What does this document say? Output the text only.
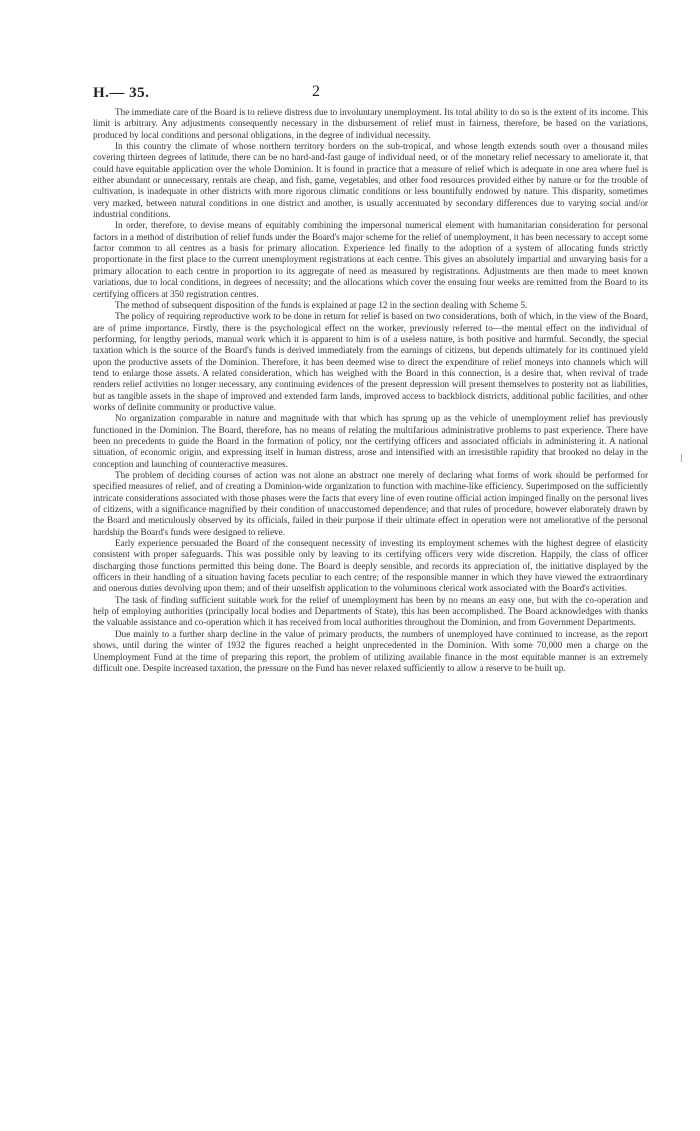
H.— 35.	2

The immediate care of the Board is to relieve distress due to involuntary unemployment. Its total ability to do so is the extent of its income. This limit is arbitrary. Any adjustments consequently necessary in the disbursement of relief must in fairness, therefore, be based on the variations, produced by local conditions and personal obligations, in the degree of individual necessity.

In this country the climate of whose northern territory borders on the sub-tropical, and whose length extends south over a thousand miles covering thirteen degrees of latitude, there can be no hard-and-fast gauge of individual need, or of the monetary relief necessary to ameliorate it, that could have equitable application over the whole Dominion. It is found in practice that a measure of relief which is adequate in one area where fuel is either abundant or unnecessary, rentals are cheap, and fish, game, vegetables, and other food resources provided either by nature or for the trouble of cultivation, is inadequate in other districts with more rigorous climatic conditions or less bountifully endowed by nature. This disparity, sometimes very marked, between natural conditions in one district and another, is usually accentuated by secondary differences due to varying social and/or industrial conditions.

In order, therefore, to devise means of equitably combining the impersonal numerical element with humanitarian consideration for personal factors in a method of distribution of relief funds under the Board's major scheme for the relief of unemployment, it has been necessary to accept some factor common to all centres as a basis for primary allocation. Experience led finally to the adoption of a system of allocating funds strictly proportionate in the first place to the current unemployment registrations at each centre. This gives an absolutely impartial and unvarying basis for a primary allocation to each centre in proportion to its aggregate of need as measured by registrations. Adjustments are then made to meet known variations, due to local conditions, in degrees of necessity; and the allocations which cover the ensuing four weeks are remitted from the Board to its certifying officers at 350 registration centres.

The method of subsequent disposition of the funds is explained at page 12 in the section dealing with Scheme 5.

The policy of requiring reproductive work to be done in return for relief is based on two considerations, both of which, in the view of the Board, are of prime importance. Firstly, there is the psychological effect on the worker, previously referred to—the mental effect on the individual of performing, for lengthy periods, manual work which it is apparent to him is of a useless nature, is both positive and harmful. Secondly, the special taxation which is the source of the Board's funds is derived immediately from the earnings of citizens, but depends ultimately for its continued yield upon the productive assets of the Dominion. Therefore, it has been deemed wise to direct the expenditure of relief moneys into channels which will tend to enlarge those assets. A related consideration, which has weighed with the Board in this connection, is a desire that, when revival of trade renders relief activities no longer necessary, any continuing evidences of the present depression will present themselves to posterity not as liabilities, but as tangible assets in the shape of improved and extended farm lands, improved access to backblock districts, additional public facilities, and other works of definite community or productive value.

No organization comparable in nature and magnitude with that which has sprung up as the vehicle of unemployment relief has previously functioned in the Dominion. The Board, therefore, has no means of relating the multifarious administrative problems to past experience. There have been no precedents to guide the Board in the formation of policy, nor the certifying officers and associated officials in administering it. A national situation, of economic origin, and expressing itself in human distress, arose and intensified with an irresistible rapidity that brooked no delay in the conception and launching of counteractive measures.

The problem of deciding courses of action was not alone an abstract one merely of declaring what forms of work should be performed for specified measures of relief, and of creating a Dominion-wide organization to function with machine-like efficiency. Superimposed on the sufficiently intricate considerations associated with those phases were the facts that every line of even routine official action impinged finally on the personal lives of citizens, with a significance magnified by their condition of unaccustomed dependence; and that rules of procedure, however elaborately drawn by the Board and meticulously observed by its officials, failed in their purpose if their ultimate effect in operation were not ameliorative of the personal hardship the Board's funds were designed to relieve.

Early experience persuaded the Board of the consequent necessity of investing its employment schemes with the highest degree of elasticity consistent with proper safeguards. This was possible only by leaving to its certifying officers very wide discretion. Happily, the class of officer discharging those functions permitted this being done. The Board is deeply sensible, and records its appreciation of, the initiative displayed by the officers in their handling of a situation having facets peculiar to each centre; of the responsible manner in which they have viewed the extraordinary and onerous duties devolving upon them; and of their unselfish application to the voluminous clerical work associated with the Board's activities.

The task of finding sufficient suitable work for the relief of unemployment has been by no means an easy one, but with the co-operation and help of employing authorities (principally local bodies and Departments of State), this has been accomplished. The Board acknowledges with thanks the valuable assistance and co-operation which it has received from local authorities throughout the Dominion, and from Government Departments.

Due mainly to a further sharp decline in the value of primary products, the numbers of unemployed have continued to increase, as the report shows, until during the winter of 1932 the figures reached a height unprecedented in the Dominion. With some 70,000 men a charge on the Unemployment Fund at the time of preparing this report, the problem of utilizing available finance in the most equitable manner is an extremely difficult one. Despite increased taxation, the pressure on the Fund has never relaxed sufficiently to allow a reserve to be built up.
